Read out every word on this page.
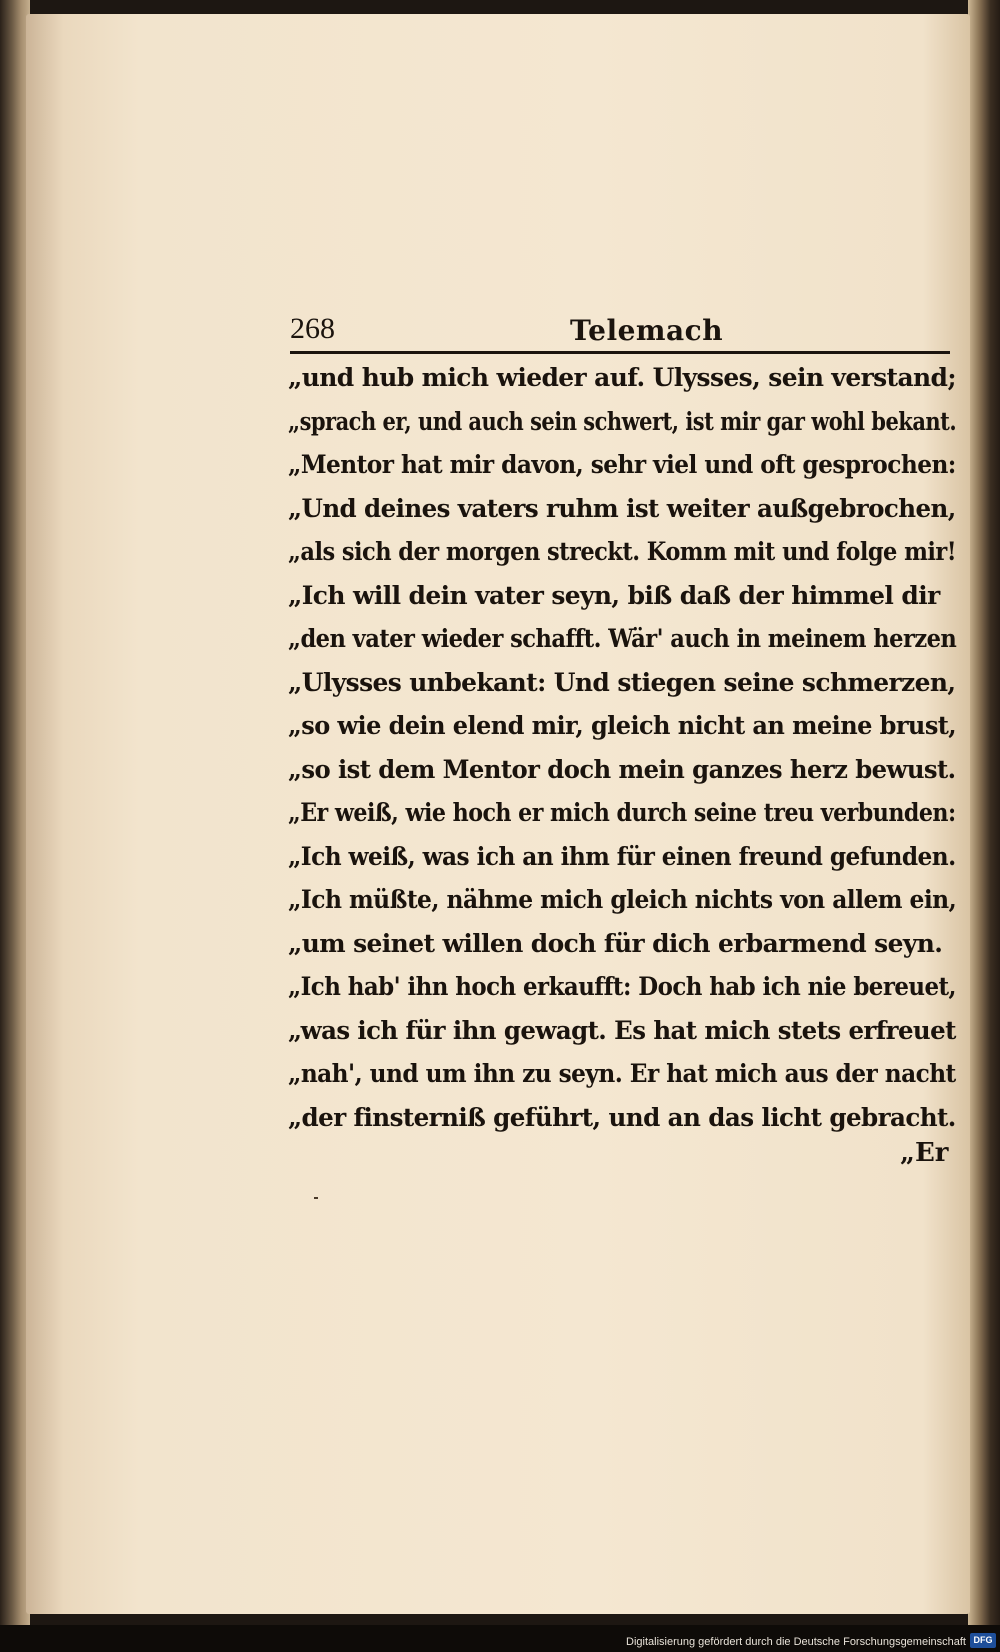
268	Telemach
„und hub mich wieder auf. Ulysses, sein verstand;
„sprach er, und auch sein schwert, ist mir gar wohl bekant.
„Mentor hat mir davon, sehr viel und oft gesprochen:
„Und deines vaters ruhm ist weiter außgebrochen,
„als sich der morgen streckt. Komm mit und folge mir!
„Ich will dein vater seyn, biß daß der himmel dir
„den vater wieder schafft. Wär' auch in meinem herzen
„Ulysses unbekant: Und stiegen seine schmerzen,
„so wie dein elend mir, gleich nicht an meine brust,
„so ist dem Mentor doch mein ganzes herz bewust.
„Er weiß, wie hoch er mich durch seine treu verbunden:
„Ich weiß, was ich an ihm für einen freund gefunden.
„Ich müßte, nähme mich gleich nichts von allem ein,
„um seinet willen doch für dich erbarmend seyn.
„Ich hab' ihn hoch erkaufft: Doch hab ich nie bereuet,
„was ich für ihn gewagt. Es hat mich stets erfreuet
„nah', und um ihn zu seyn. Er hat mich aus der nacht
„der finsterniß geführt, und an das licht gebracht.
„Er
Digitalisierung gefördert durch die Deutsche Forschungsgemeinschaft DFG
